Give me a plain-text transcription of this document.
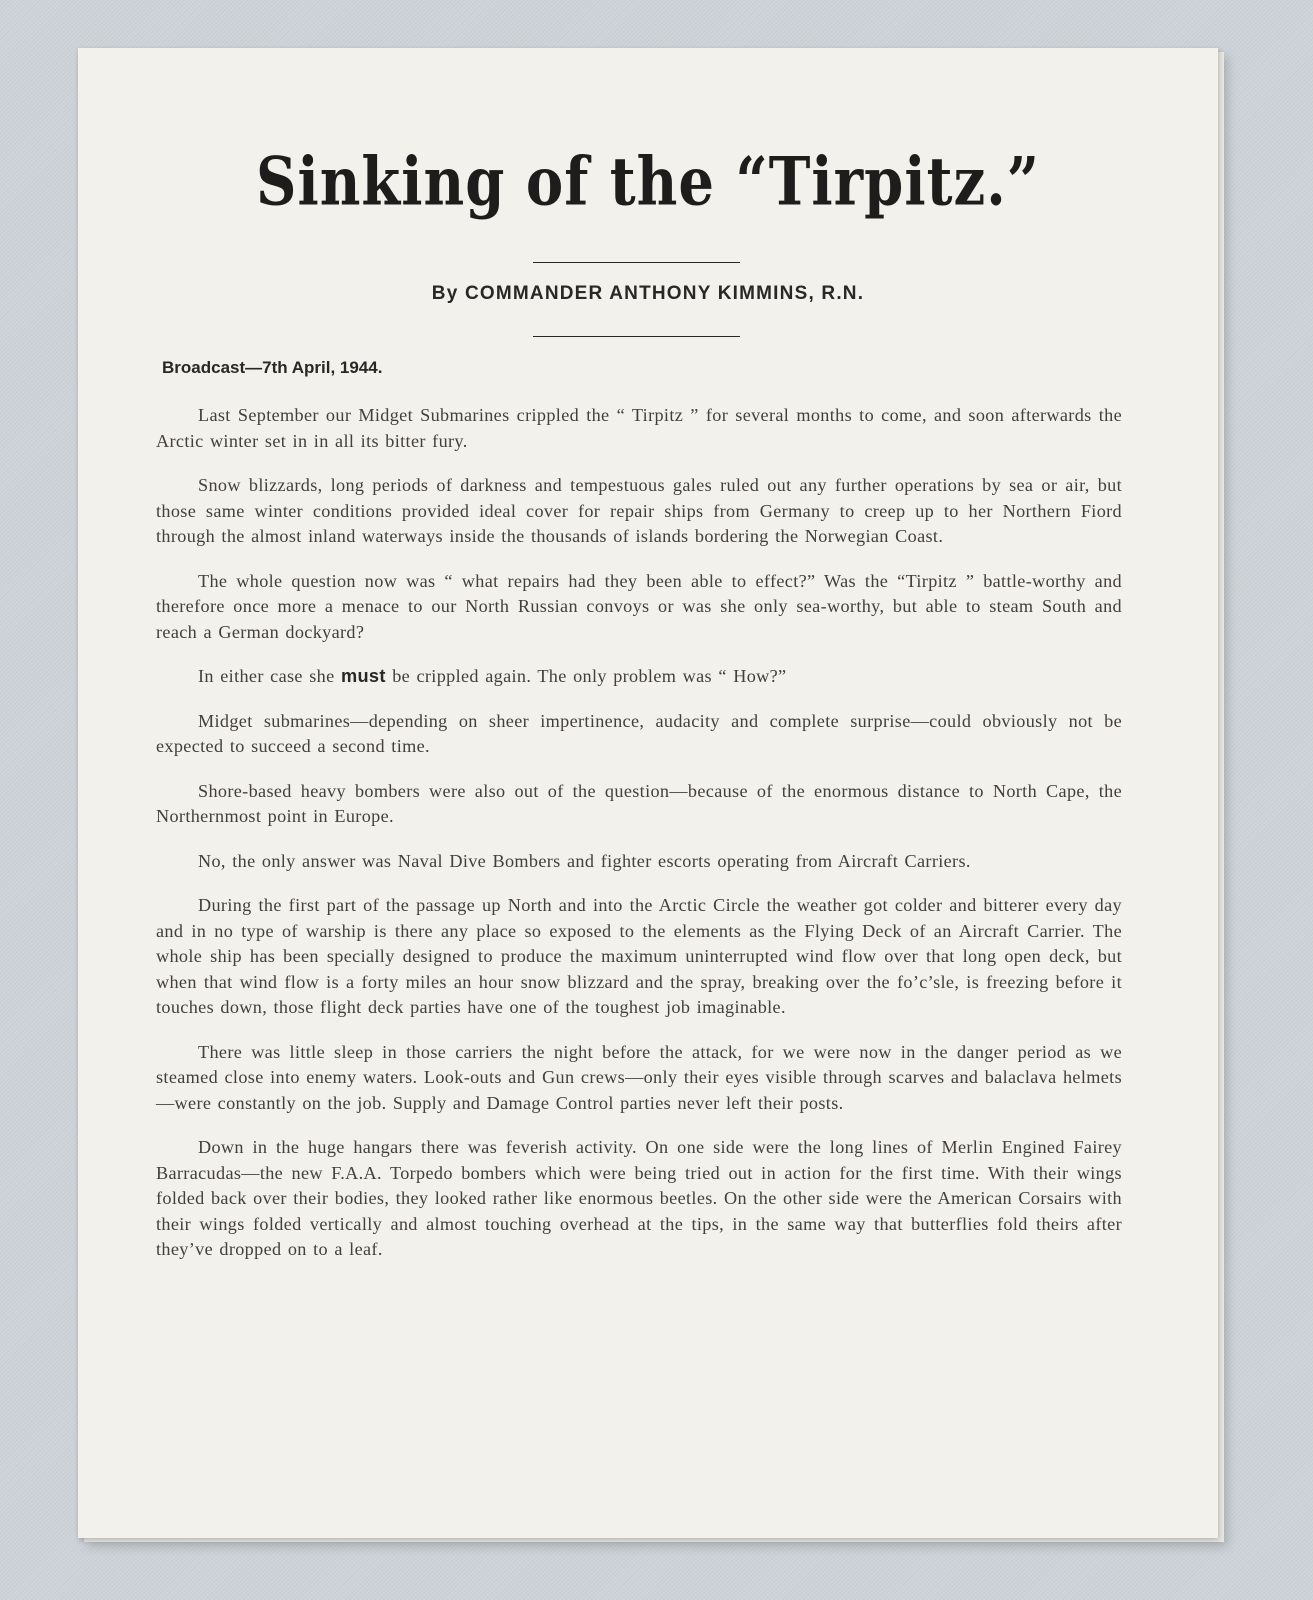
Sinking of the “Tirpitz.”
By COMMANDER ANTHONY KIMMINS, R.N.
Broadcast—7th April, 1944.

Last September our Midget Submarines crippled the “ Tirpitz ” for several months to come, and soon afterwards the Arctic winter set in in all its bitter fury.

Snow blizzards, long periods of darkness and tempestuous gales ruled out any further operations by sea or air, but those same winter conditions provided ideal cover for repair ships from Germany to creep up to her Northern Fiord through the almost inland waterways inside the thousands of islands bordering the Norwegian Coast.

The whole question now was “ what repairs had they been able to effect?” Was the “Tirpitz ” battle-worthy and therefore once more a menace to our North Russian convoys or was she only sea-worthy, but able to steam South and reach a German dockyard?

In either case she must be crippled again. The only problem was “ How?”

Midget submarines—depending on sheer impertinence, audacity and complete surprise—could obviously not be expected to succeed a second time.

Shore-based heavy bombers were also out of the question—because of the enormous distance to North Cape, the Northernmost point in Europe.

No, the only answer was Naval Dive Bombers and fighter escorts operating from Aircraft Carriers.

During the first part of the passage up North and into the Arctic Circle the weather got colder and bitterer every day and in no type of warship is there any place so exposed to the elements as the Flying Deck of an Aircraft Carrier. The whole ship has been specially designed to produce the maximum uninterrupted wind flow over that long open deck, but when that wind flow is a forty miles an hour snow blizzard and the spray, breaking over the fo’c’sle, is freezing before it touches down, those flight deck parties have one of the toughest job imaginable.

There was little sleep in those carriers the night before the attack, for we were now in the danger period as we steamed close into enemy waters. Look-outs and Gun crews—only their eyes visible through scarves and balaclava helmets—were constantly on the job. Supply and Damage Control parties never left their posts.

Down in the huge hangars there was feverish activity. On one side were the long lines of Merlin Engined Fairey Barracudas—the new F.A.A. Torpedo bombers which were being tried out in action for the first time. With their wings folded back over their bodies, they looked rather like enormous beetles. On the other side were the American Corsairs with their wings folded vertically and almost touching overhead at the tips, in the same way that butterflies fold theirs after they’ve dropped on to a leaf.
